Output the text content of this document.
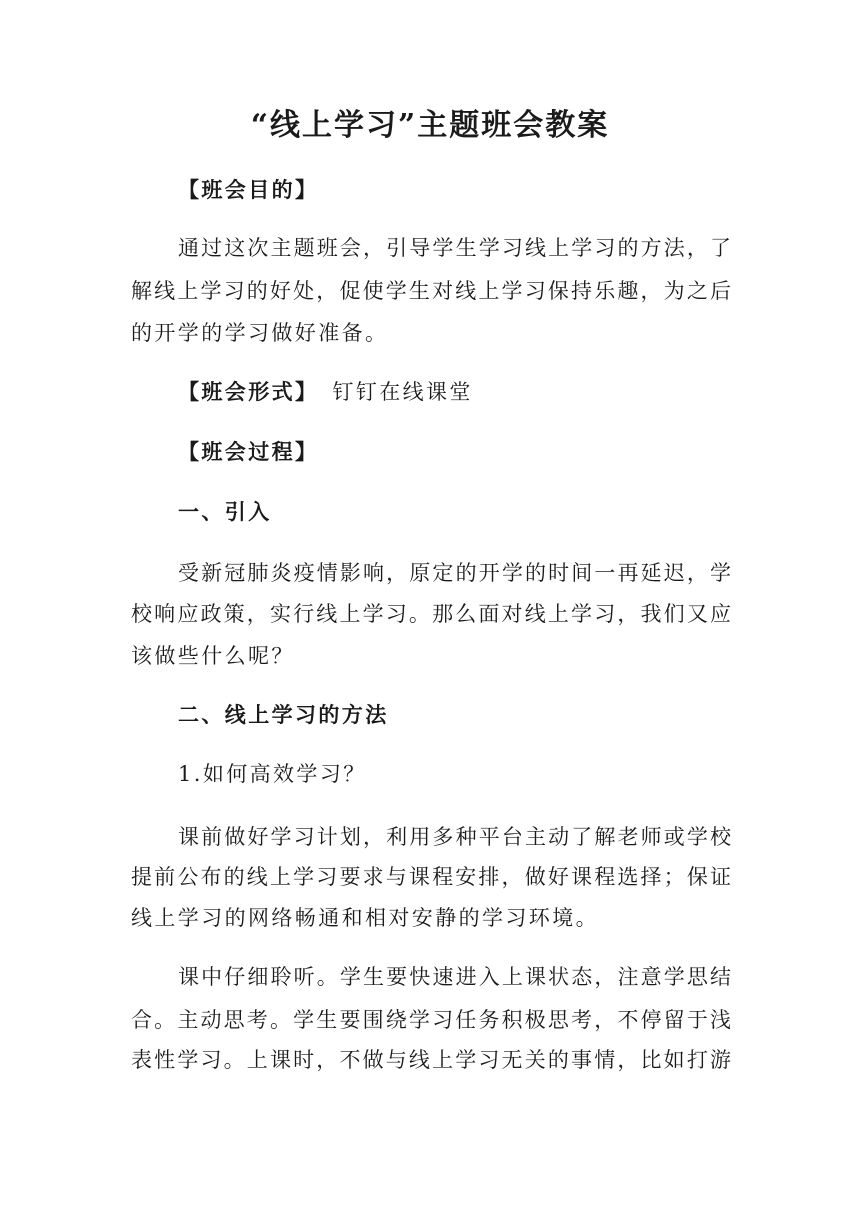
“线上学习”主题班会教案
【班会目的】
通过这次主题班会，引导学生学习线上学习的方法，了
解线上学习的好处，促使学生对线上学习保持乐趣，为之后
的开学的学习做好准备。
【班会形式】 钉钉在线课堂
【班会过程】
一、引入
受新冠肺炎疫情影响，原定的开学的时间一再延迟，学
校响应政策，实行线上学习。那么面对线上学习，我们又应
该做些什么呢？
二、线上学习的方法
1.如何高效学习？
课前做好学习计划，利用多种平台主动了解老师或学校
提前公布的线上学习要求与课程安排，做好课程选择；保证
线上学习的网络畅通和相对安静的学习环境。
课中仔细聆听。学生要快速进入上课状态，注意学思结
合。主动思考。学生要围绕学习任务积极思考，不停留于浅
表性学习。上课时，不做与线上学习无关的事情，比如打游
